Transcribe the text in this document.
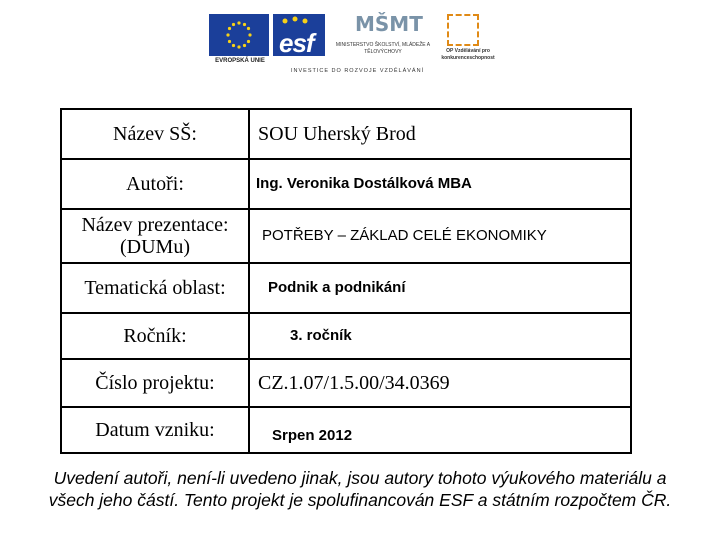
EVROPSKÁ UNIE
esf
MŠMT
MINISTERSTVO ŠKOLSTVÍ, MLÁDEŽE A TĚLOVÝCHOVY	OP Vzdělávání pro konkurenceschopnost
INVESTICE DO ROZVOJE VZDĚLÁVÁNÍ
Název SŠ:	SOU Uherský Brod
Autoři:	Ing. Veronika Dostálková MBA
Název prezentace: (DUMu)	POTŘEBY – ZÁKLAD CELÉ EKONOMIKY
Tematická oblast:	Podnik a podnikání
Ročník:	3. ročník
Číslo projektu:	CZ.1.07/1.5.00/34.0369
Datum vzniku:	Srpen 2012
Uvedení autoři, není-li uvedeno jinak, jsou autory tohoto výukového materiálu a
všech jeho částí. Tento projekt je spolufinancován ESF a státním rozpočtem ČR.
